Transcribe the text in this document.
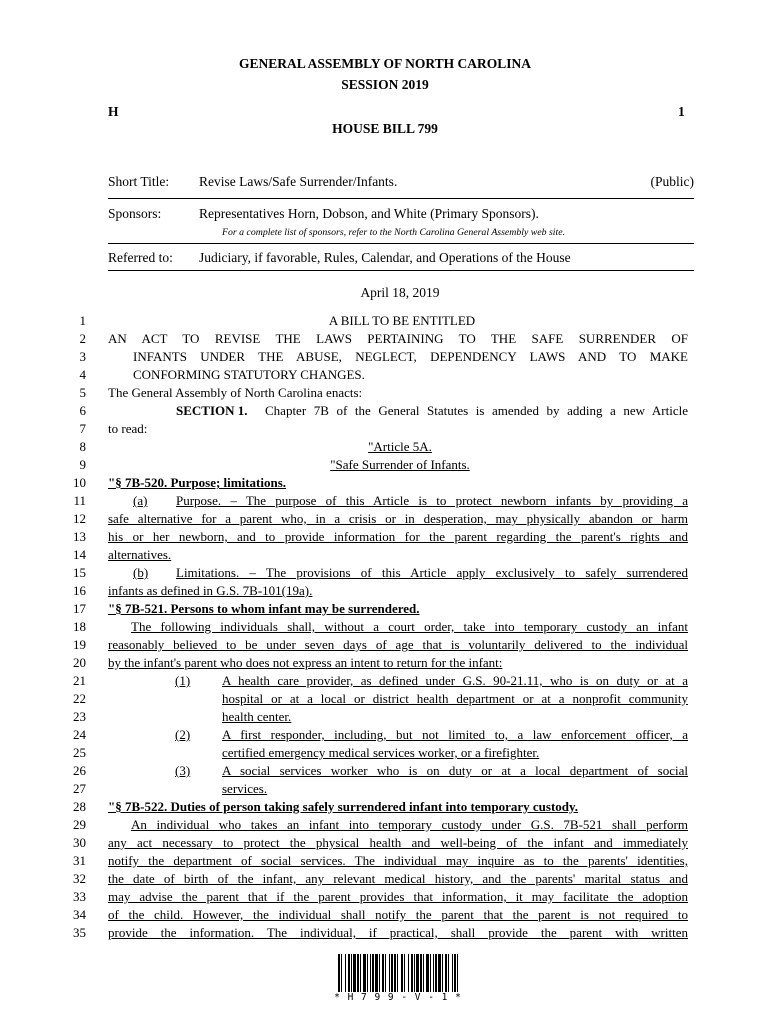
GENERAL ASSEMBLY OF NORTH CAROLINA
SESSION 2019
H	1
HOUSE BILL 799
Short Title: Revise Laws/Safe Surrender/Infants.	(Public)
Sponsors:	Representatives Horn, Dobson, and White (Primary Sponsors).
For a complete list of sponsors, refer to the North Carolina General Assembly web site.
Referred to: Judiciary, if favorable, Rules, Calendar, and Operations of the House
April 18, 2019
1	A BILL TO BE ENTITLED
2 AN ACT TO REVISE THE LAWS PERTAINING TO THE SAFE SURRENDER OF
3	INFANTS UNDER THE ABUSE, NEGLECT, DEPENDENCY LAWS AND TO MAKE
4	CONFORMING STATUTORY CHANGES.
5 The General Assembly of North Carolina enacts:
6	SECTION 1.	Chapter 7B of the General Statutes is amended by adding a new Article
7 to read:
8	"Article 5A.
9	"Safe Surrender of Infants.
10 "§ 7B-520. Purpose; limitations.
11	(a)	Purpose. – The purpose of this Article is to protect newborn infants by providing a
12 safe alternative for a parent who, in a crisis or in desperation, may physically abandon or harm
13 his or her newborn, and to provide information for the parent regarding the parent's rights and
14 alternatives.
15	(b)	Limitations. – The provisions of this Article apply exclusively to safely surrendered
16 infants as defined in G.S. 7B-101(19a).
17 "§ 7B-521. Persons to whom infant may be surrendered.
18	The following individuals shall, without a court order, take into temporary custody an infant
19 reasonably believed to be under seven days of age that is voluntarily delivered to the individual
20 by the infant's parent who does not express an intent to return for the infant:
21	(1)	A health care provider, as defined under G.S. 90-21.11, who is on duty or at a
22	hospital or at a local or district health department or at a nonprofit community
23	health center.
24	(2)	A first responder, including, but not limited to, a law enforcement officer, a
25	certified emergency medical services worker, or a firefighter.
26	(3)	A social services worker who is on duty or at a local department of social
27	services.
28 "§ 7B-522. Duties of person taking safely surrendered infant into temporary custody.
29	An individual who takes an infant into temporary custody under G.S. 7B-521 shall perform
30 any act necessary to protect the physical health and well-being of the infant and immediately
31 notify the department of social services. The individual may inquire as to the parents' identities,
32 the date of birth of the infant, any relevant medical history, and the parents' marital status and
33 may advise the parent that if the parent provides that information, it may facilitate the adoption
34 of the child. However, the individual shall notify the parent that the parent is not required to
35 provide the information. The individual, if practical, shall provide the parent with written
* H 7 9 9 - V - 1 *
